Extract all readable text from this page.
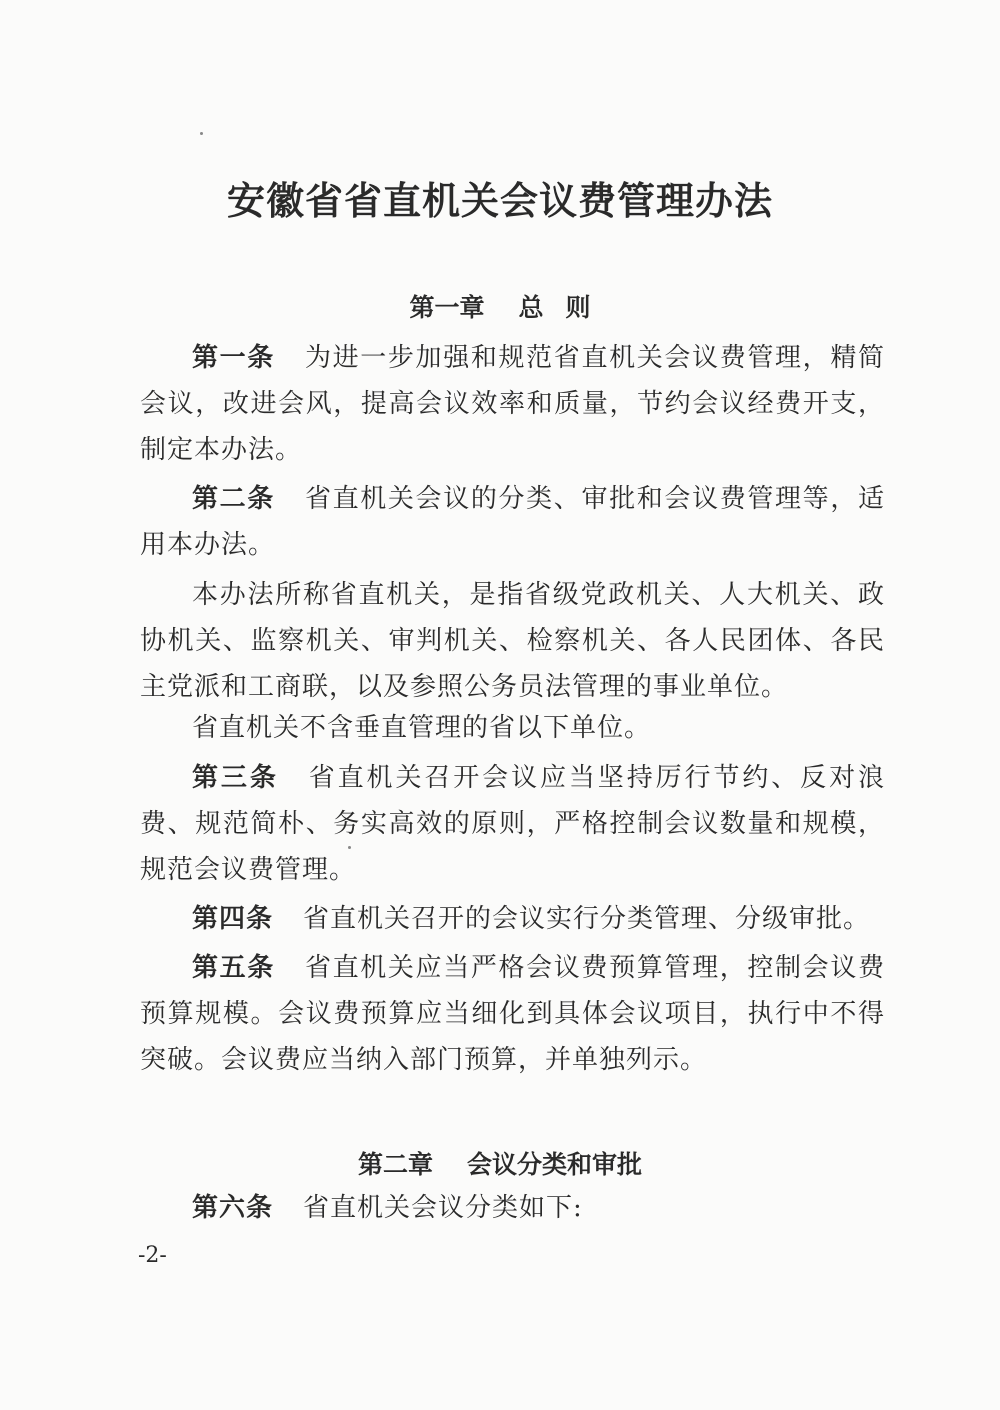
安徽省省直机关会议费管理办法
第一章 总 则

第一条 为进一步加强和规范省直机关会议费管理，精简会议，改进会风，提高会议效率和质量，节约会议经费开支，制定本办法。

第二条 省直机关会议的分类、审批和会议费管理等，适用本办法。

本办法所称省直机关，是指省级党政机关、人大机关、政协机关、监察机关、审判机关、检察机关、各人民团体、各民主党派和工商联，以及参照公务员法管理的事业单位。

省直机关不含垂直管理的省以下单位。

第三条 省直机关召开会议应当坚持厉行节约、反对浪费、规范简朴、务实高效的原则，严格控制会议数量和规模，规范会议费管理。

第四条 省直机关召开的会议实行分类管理、分级审批。

第五条 省直机关应当严格会议费预算管理，控制会议费预算规模。会议费预算应当细化到具体会议项目，执行中不得突破。会议费应当纳入部门预算，并单独列示。

第二章 会议分类和审批

第六条 省直机关会议分类如下:

-2-
